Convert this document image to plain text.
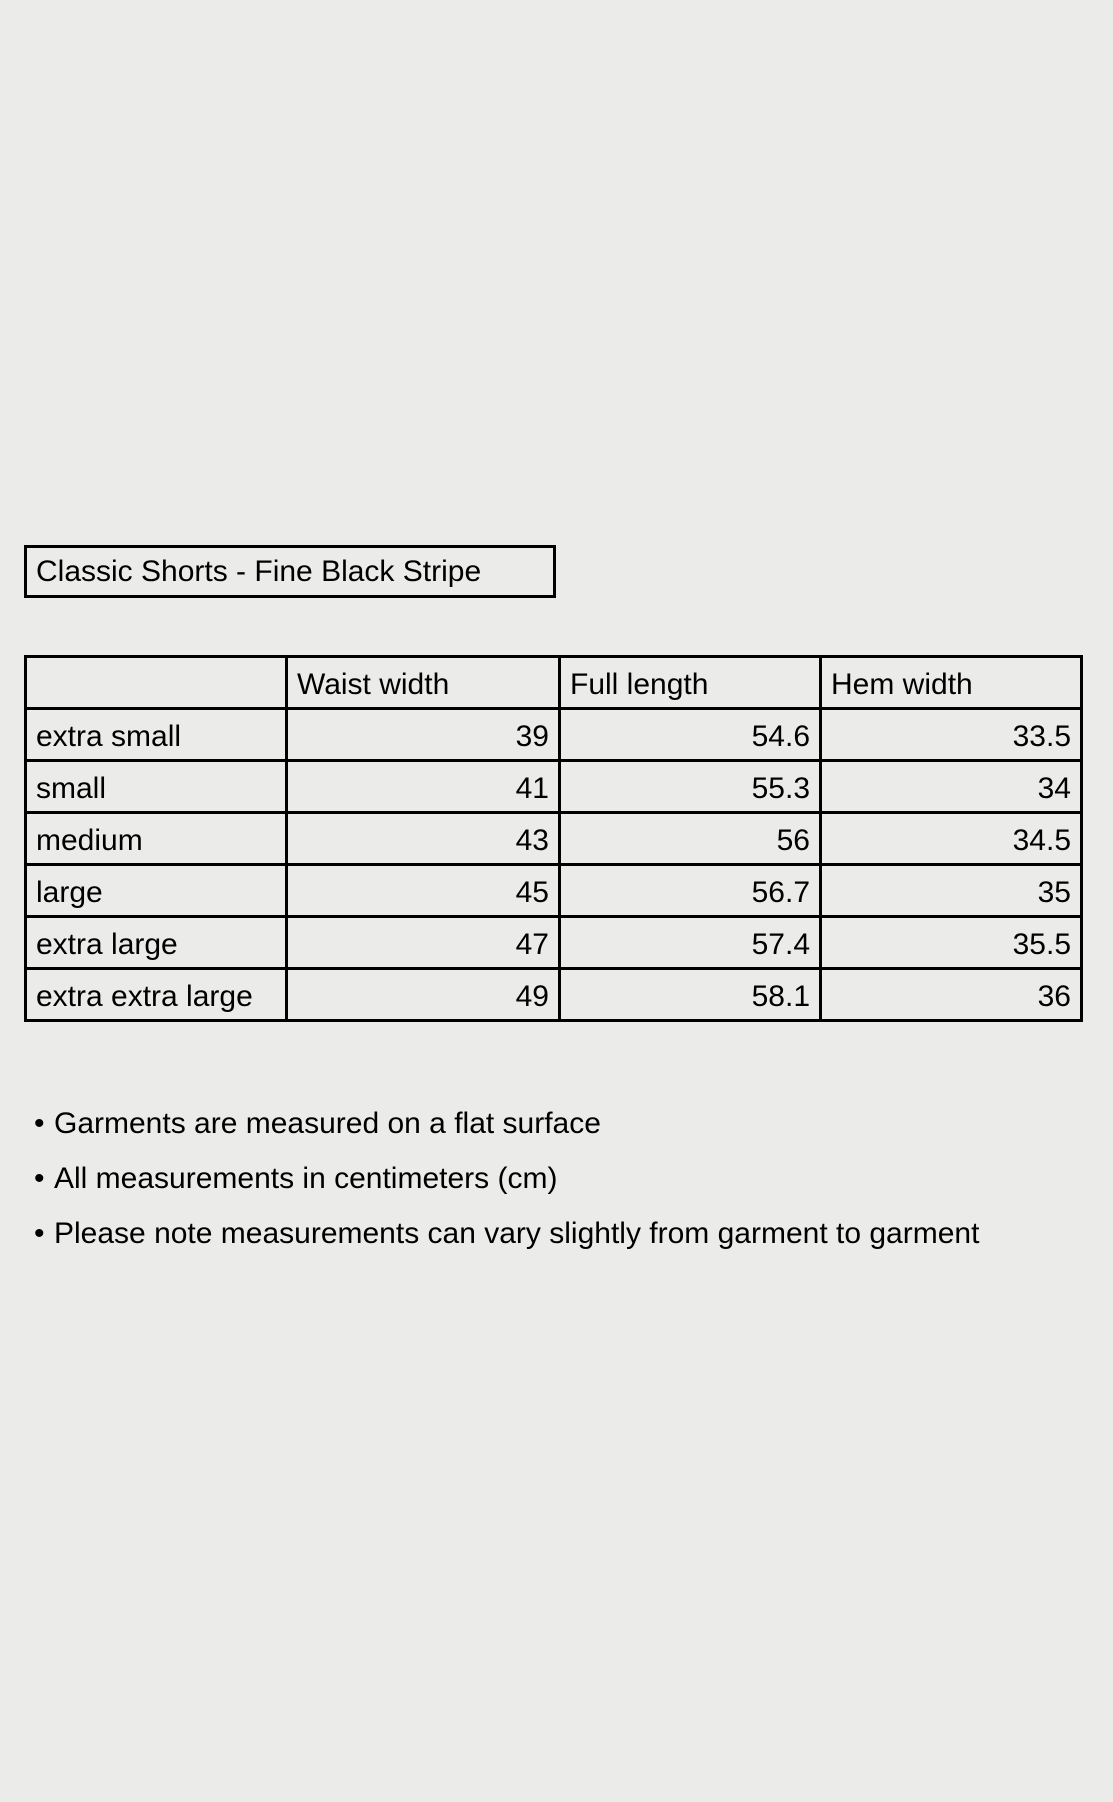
Classic Shorts - Fine Black Stripe
	Waist width	Full length	Hem width
extra small	39	54.6	33.5
small	41	55.3	34
medium	43	56	34.5
large	45	56.7	35
extra large	47	57.4	35.5
extra extra large	49	58.1	36
• Garments are measured on a flat surface
• All measurements in centimeters (cm)
• Please note measurements can vary slightly from garment to garment
